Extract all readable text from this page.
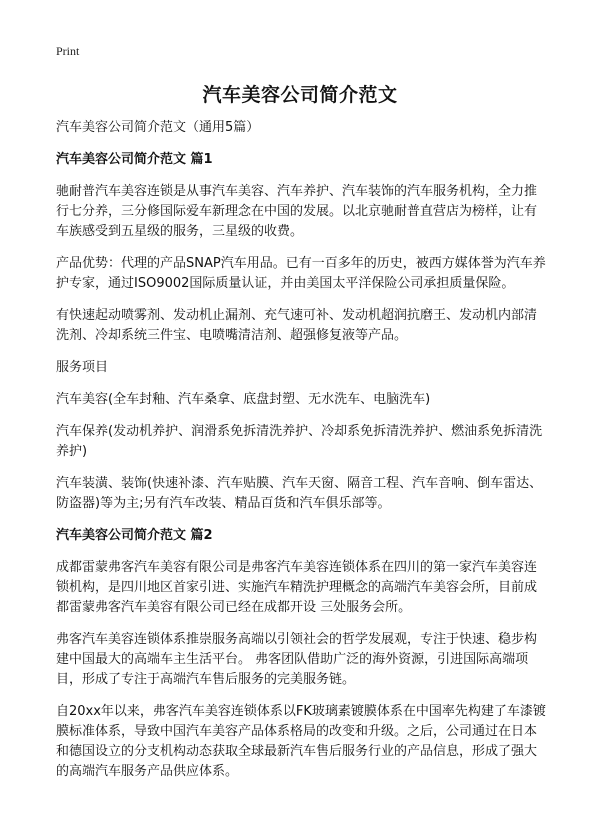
Print
汽车美容公司简介范文

汽车美容公司简介范文（通用5篇）

汽车美容公司简介范文 篇1

驰耐普汽车美容连锁是从事汽车美容、汽车养护、汽车装饰的汽车服务机构，全力推行七分养，三分修国际爱车新理念在中国的发展。以北京驰耐普直营店为榜样，让有车族感受到五星级的服务，三星级的收费。

产品优势：代理的产品SNAP汽车用品。已有一百多年的历史，被西方媒体誉为汽车养护专家，通过ISO9002国际质量认证，并由美国太平洋保险公司承担质量保险。

有快速起动喷雾剂、发动机止漏剂、充气速可补、发动机超润抗磨王、发动机内部清洗剂、冷却系统三件宝、电喷嘴清洁剂、超强修复液等产品。

服务项目

汽车美容(全车封釉、汽车桑拿、底盘封塑、无水洗车、电脑洗车)

汽车保养(发动机养护、润滑系免拆清洗养护、冷却系免拆清洗养护、燃油系免拆清洗养护)

汽车装潢、装饰(快速补漆、汽车贴膜、汽车天窗、隔音工程、汽车音响、倒车雷达、防盗器)等为主;另有汽车改装、精品百货和汽车俱乐部等。

汽车美容公司简介范文 篇2

成都雷蒙弗客汽车美容有限公司是弗客汽车美容连锁体系在四川的第一家汽车美容连锁机构，是四川地区首家引进、实施汽车精洗护理概念的高端汽车美容会所，目前成都雷蒙弗客汽车美容有限公司已经在成都开设 三处服务会所。

弗客汽车美容连锁体系推崇服务高端以引领社会的哲学发展观，专注于快速、稳步构建中国最大的高端车主生活平台。 弗客团队借助广泛的海外资源，引进国际高端项目，形成了专注于高端汽车售后服务的完美服务链。

自20xx年以来，弗客汽车美容连锁体系以FK玻璃素镀膜体系在中国率先构建了车漆镀膜标准体系，导致中国汽车美容产品体系格局的改变和升级。之后，公司通过在日本和德国设立的分支机构动态获取全球最新汽车售后服务行业的产品信息，形成了强大的高端汽车服务产品供应体系。
